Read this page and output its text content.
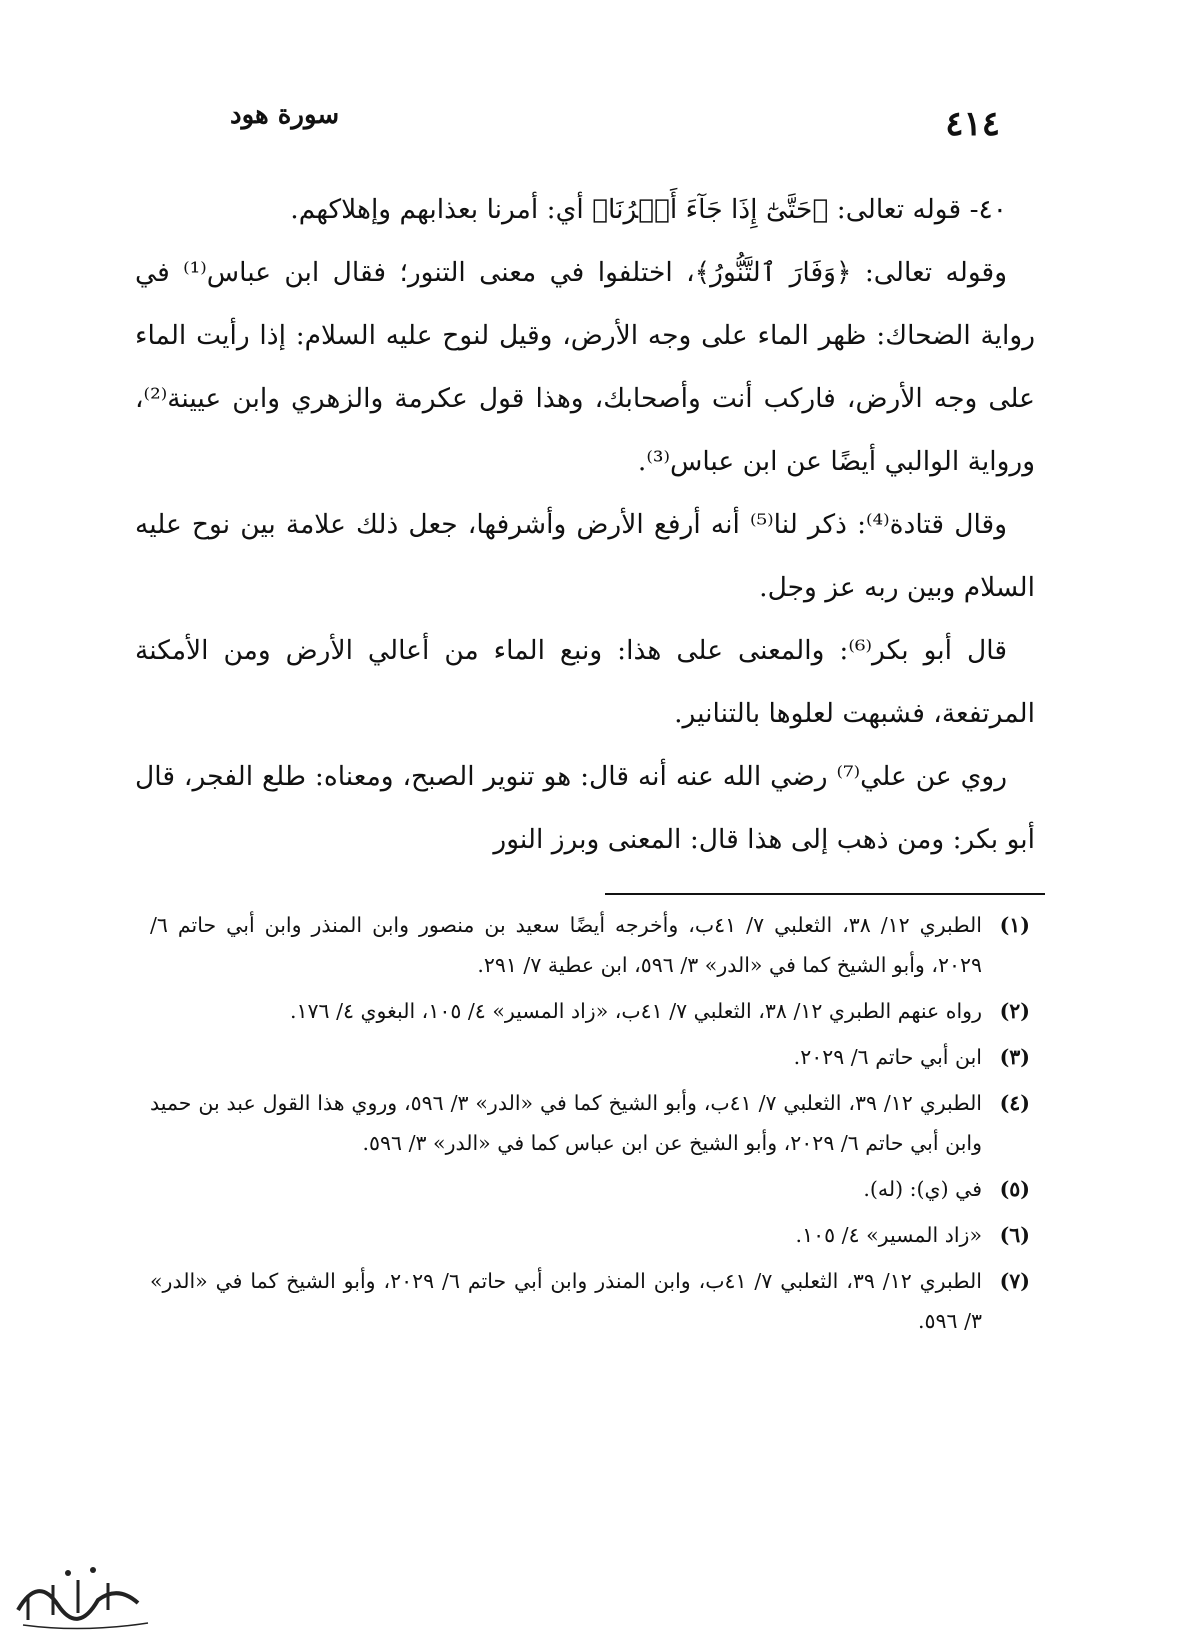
٤١٤
سورة هود

٤٠- قوله تعالى: ﴿حَتَّىٰٓ إِذَا جَآءَ أَمۡرُنَا﴾ أي: أمرنا بعذابهم وإهلاكهم.

وقوله تعالى: ﴿وَفَارَ ٱلتَّنُّورُ﴾، اختلفوا في معنى التنور؛ فقال ابن عباس⁽¹⁾ في رواية الضحاك: ظهر الماء على وجه الأرض، وقيل لنوح عليه السلام: إذا رأيت الماء على وجه الأرض، فاركب أنت وأصحابك، وهذا قول عكرمة والزهري وابن عيينة⁽²⁾، ورواية الوالبي أيضًا عن ابن عباس⁽³⁾.

وقال قتادة⁽⁴⁾: ذكر لنا⁽⁵⁾ أنه أرفع الأرض وأشرفها، جعل ذلك علامة بين نوح عليه السلام وبين ربه عز وجل.

قال أبو بكر⁽⁶⁾: والمعنى على هذا: ونبع الماء من أعالي الأرض ومن الأمكنة المرتفعة، فشبهت لعلوها بالتنانير.

روي عن علي⁽⁷⁾ رضي الله عنه أنه قال: هو تنوير الصبح، ومعناه: طلع الفجر، قال أبو بكر: ومن ذهب إلى هذا قال: المعنى وبرز النور

(١)
الطبري ١٢/ ٣٨، الثعلبي ٧/ ٤١ب، وأخرجه أيضًا سعيد بن منصور وابن المنذر وابن أبي حاتم ٦/ ٢٠٢٩، وأبو الشيخ كما في «الدر» ٣/ ٥٩٦، ابن عطية ٧/ ٢٩١.
(٢)
رواه عنهم الطبري ١٢/ ٣٨، الثعلبي ٧/ ٤١ب، «زاد المسير» ٤/ ١٠٥، البغوي ٤/ ١٧٦.
(٣)
ابن أبي حاتم ٦/ ٢٠٢٩.
(٤)
الطبري ١٢/ ٣٩، الثعلبي ٧/ ٤١ب، وأبو الشيخ كما في «الدر» ٣/ ٥٩٦، وروي هذا القول عبد بن حميد وابن أبي حاتم ٦/ ٢٠٢٩، وأبو الشيخ عن ابن عباس كما في «الدر» ٣/ ٥٩٦.
(٥)
في (ي): (له).
(٦)
«زاد المسير» ٤/ ١٠٥.
(٧)
الطبري ١٢/ ٣٩، الثعلبي ٧/ ٤١ب، وابن المنذر وابن أبي حاتم ٦/ ٢٠٢٩، وأبو الشيخ كما في «الدر» ٣/ ٥٩٦.
